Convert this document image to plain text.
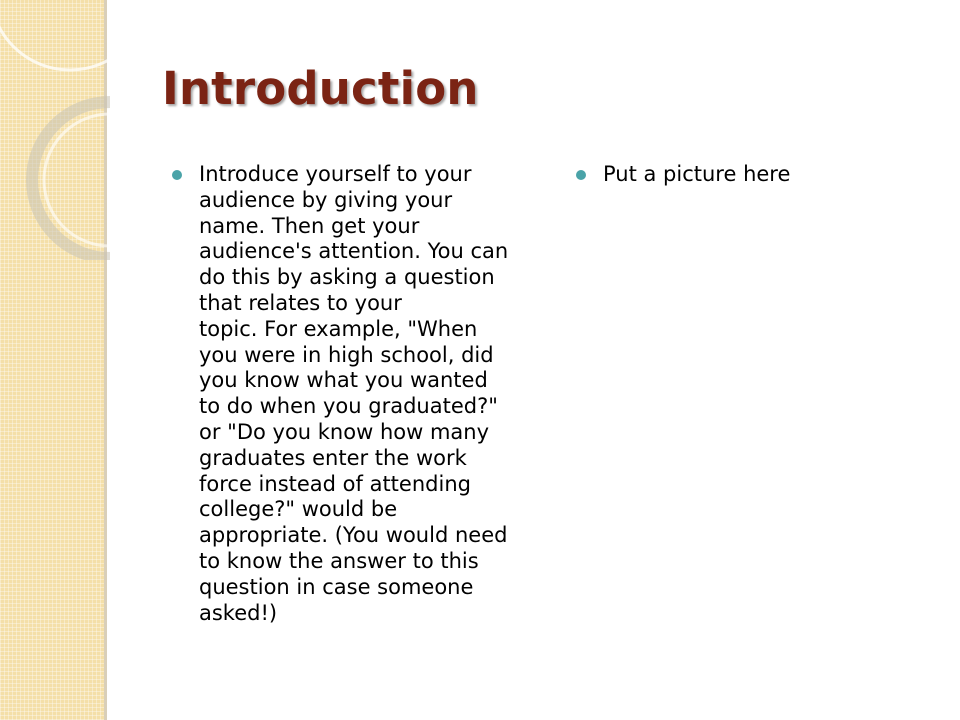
Introduction

Introduce yourself to your
audience by giving your
name. Then get your
audience's attention. You can
do this by asking a question
that relates to your
topic. For example, "When
you were in high school, did
you know what you wanted
to do when you graduated?"
or "Do you know how many
graduates enter the work
force instead of attending
college?" would be
appropriate. (You would need
to know the answer to this
question in case someone
asked!)

Put a picture here
